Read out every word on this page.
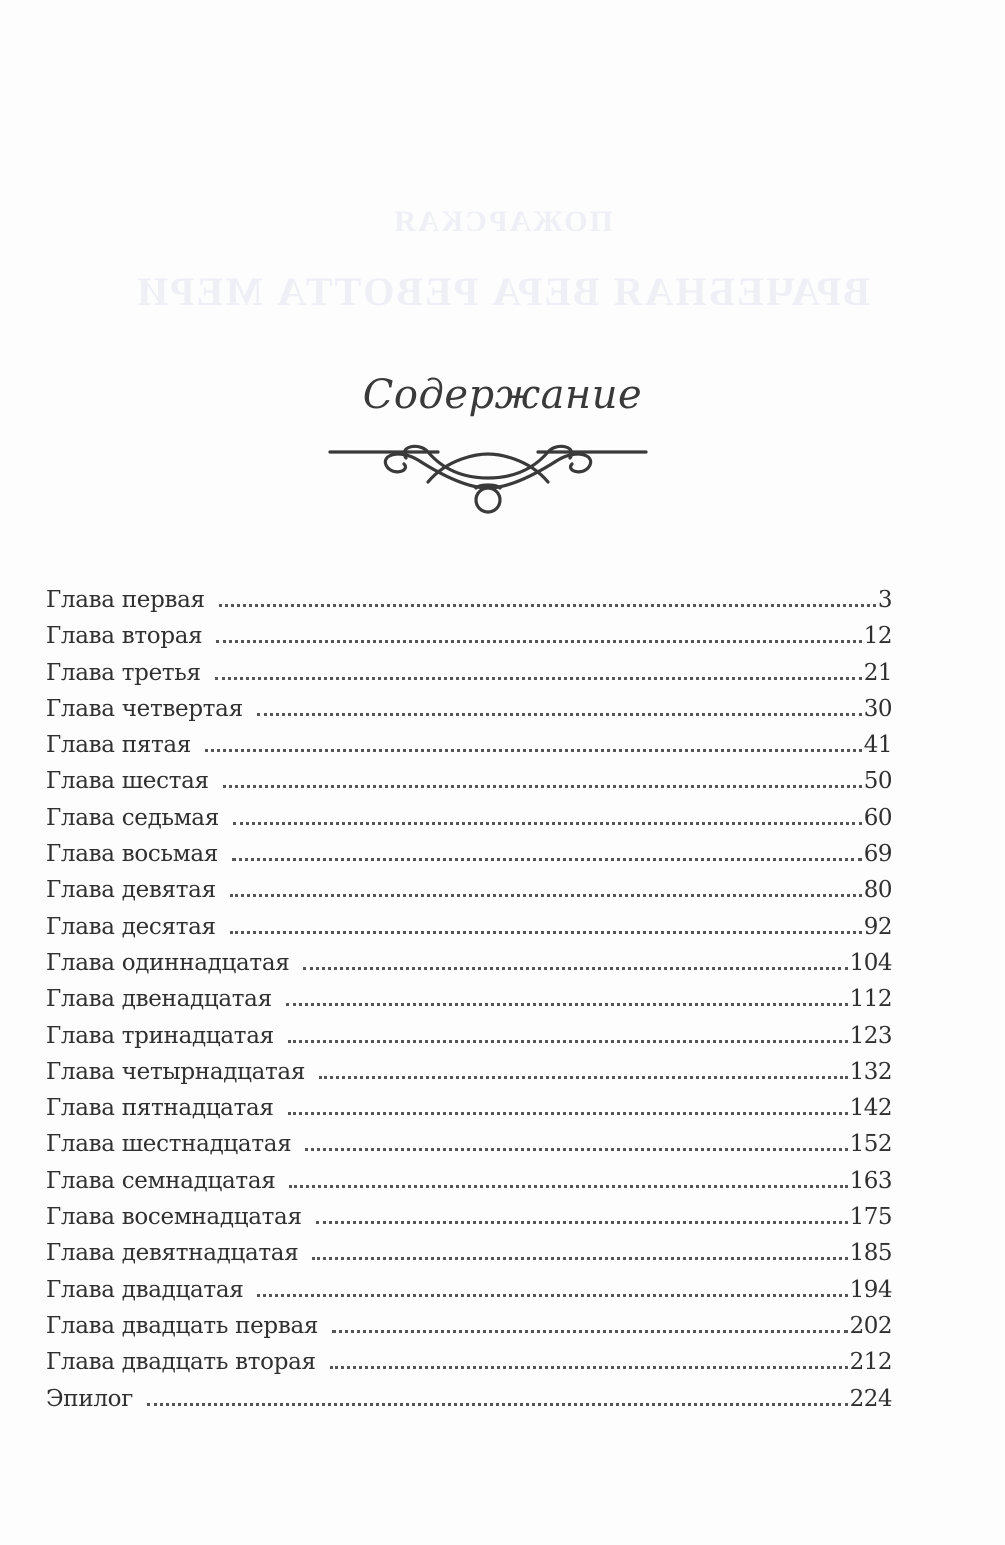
ПОЖАРСКАЯ
ВРАЧЕБНАЯ ВЕРА РЕВОТТА МЕРИ
Содержание
Глава первая	3
Глава вторая	12
Глава третья	21
Глава четвертая	30
Глава пятая	41
Глава шестая	50
Глава седьмая	60
Глава восьмая	69
Глава девятая	80
Глава десятая	92
Глава одиннадцатая	104
Глава двенадцатая	112
Глава тринадцатая	123
Глава четырнадцатая	132
Глава пятнадцатая	142
Глава шестнадцатая	152
Глава семнадцатая	163
Глава восемнадцатая	175
Глава девятнадцатая	185
Глава двадцатая	194
Глава двадцать первая	202
Глава двадцать вторая	212
Эпилог	224
